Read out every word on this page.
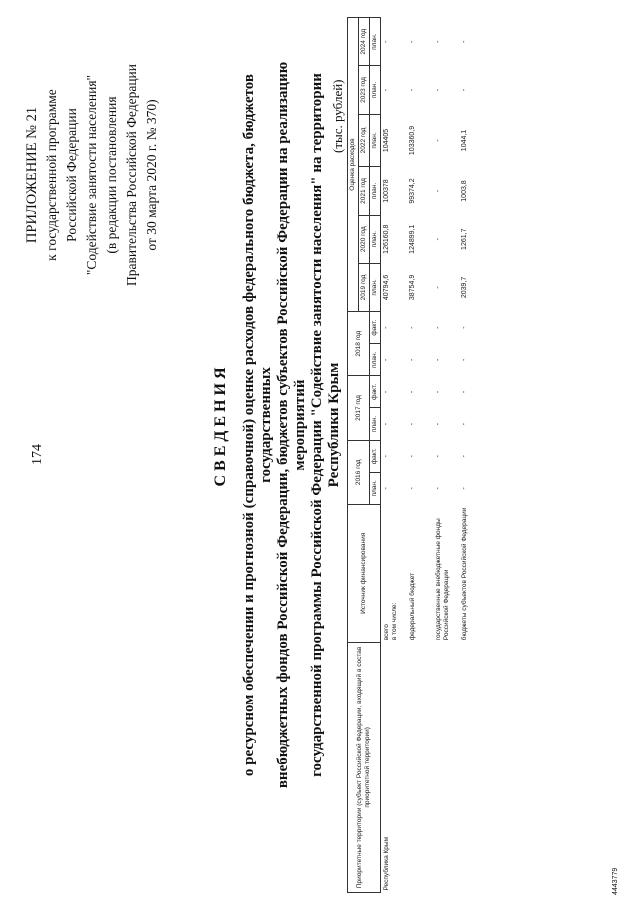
174
ПРИЛОЖЕНИЕ № 21 к государственной программе Российской Федерации "Содействие занятости населения" (в редакции постановления Правительства Российской Федерации от 30 марта 2020 г. № 370)
СВЕДЕНИЯ о ресурсном обеспечении и прогнозной (справочной) оценке расходов федерального бюджета, бюджетов государственных внебюджетных фондов Российской Федерации, бюджетов субъектов Российской Федерации на реализацию мероприятий государственной программы Российской Федерации "Содействие занятости населения" на территории Республики Крым
(тыс. рублей)
Приоритетные территории (субъект Российской Федерации, входящий в состав приоритетной территории)	Источник финансирования	2016 год		2017 год		2018 год		Оценка расходов					
								2019 год	2020 год	2021 год	2022 год	2023 год	2024 год
		план.	факт.	план.	факт.	план.	факт.	план.	план.	план.	план.	план.	план.
Республика Крым	всего в том числе:	-	-	-	-	-	-	40794,6	126160,8	100378	104405	-	-
	федеральный бюджет	-	-	-	-	-	-	38754,9	124899,1	99374,2	103360,9	-	-
	государственные внебюджетные фонды Российской Федерации	-	-	-	-	-	-	-	-	-	-	-	-
	бюджеты субъектов Российской Федерации	-	-	-	-	-	-	2039,7	1261,7	1003,8	1044,1	-	-
4443779
